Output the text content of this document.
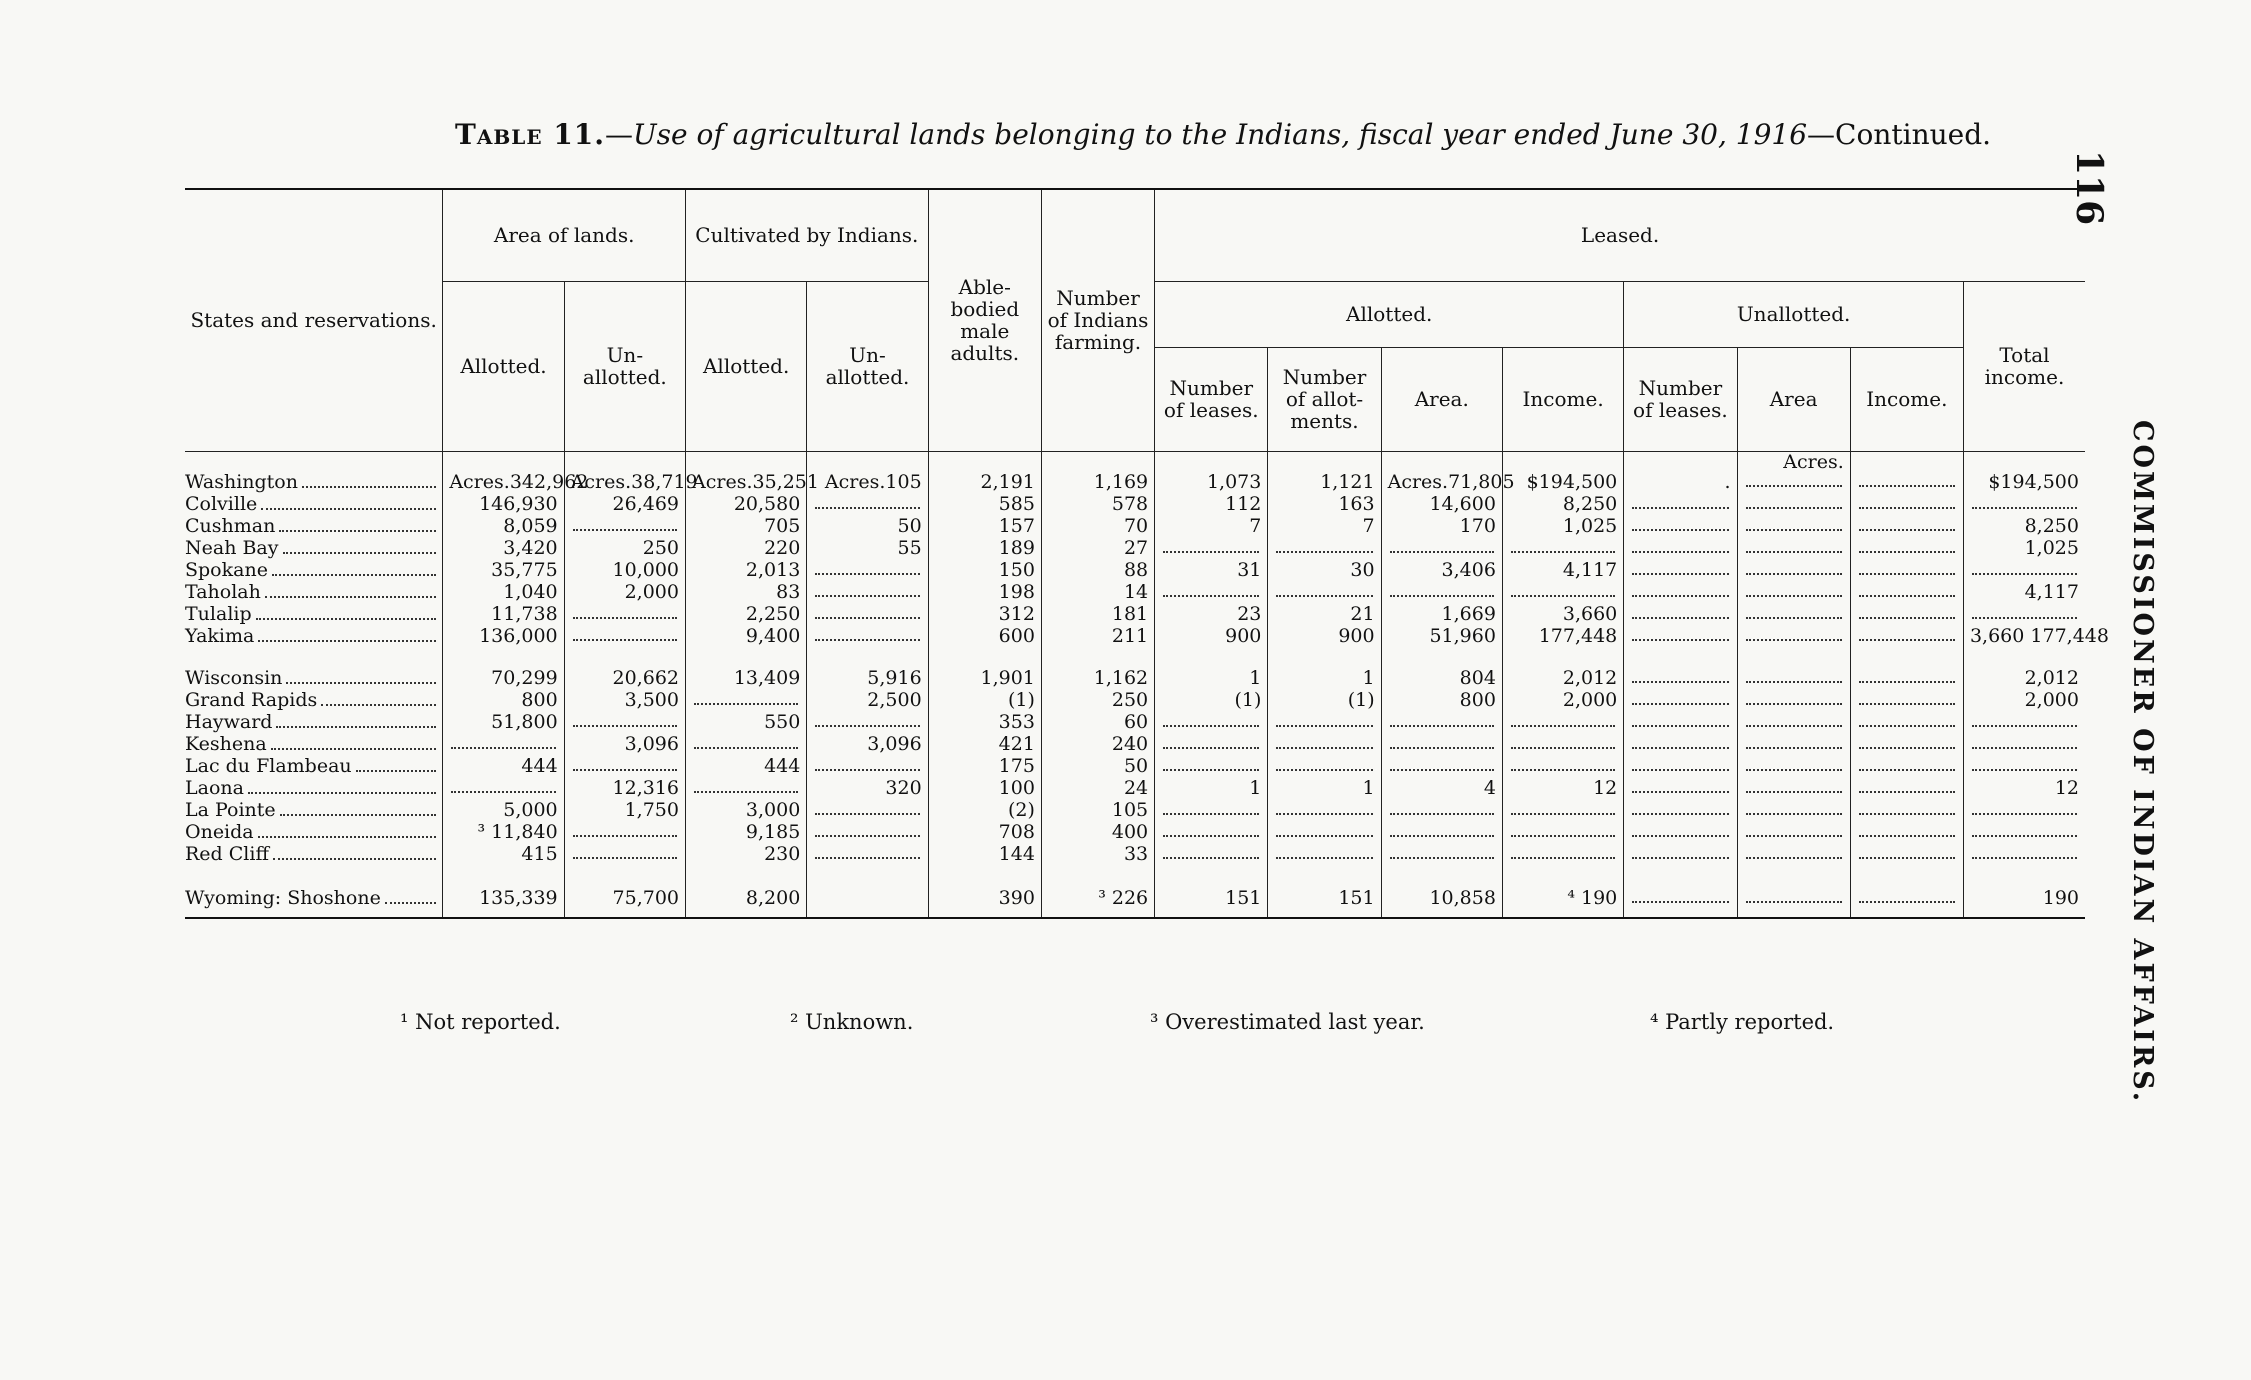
Table 11.—Use of agricultural lands belonging to the Indians, fiscal year ended June 30, 1916—Continued.
116
COMMISSIONER OF INDIAN AFFAIRS.
States and reservations.	Area of lands.		Cultivated by Indians.		Able-bodied male adults.	Number of Indians farming.	Leased.							
	Allotted.	Un-allotted.	Allotted.	Un-allotted.			Allotted.				Unallotted.			Total income.
							Number of leases.	Number of allot-ments.	Area.	Income.	Number of leases.	Area	Income.	

Washington	Acres.342,962	Acres.38,719	Acres.35,251	Acres.105	2,191	1,169	1,073	1,121	Acres.71,805	$194,500	.	Acres.		$194,500

Colville	146,930	26,469	20,580		585	578	112	163	14,600	8,250	

Cushman	8,059		705	50	157	70	7	7	170	1,025				8,250

Neah Bay	3,420	250	220	55	189	27								1,025

Spokane	35,775	10,000	2,013		150	88	31	30	3,406	4,117	

Taholah	1,040	2,000	83		198	14								4,117

Tulalip	11,738		2,250		312	181	23	21	1,669	3,660	

Yakima	136,000		9,400		600	211	900	900	51,960	177,448				3,660 177,448

Wisconsin	70,299	20,662	13,409	5,916	1,901	1,162	1	1	804	2,012				2,012

Grand Rapids	800	3,500		2,500	(1)	250	(1)	(1)	800	2,000				2,000

Hayward	51,800		550		353	60	

Keshena		3,096		3,096	421	240	

Lac du Flambeau	444		444		175	50	

Laona		12,316		320	100	24	1	1	4	12				12

La Pointe	5,000	1,750	3,000		(2)	105	

Oneida	³ 11,840		9,185		708	400	

Red Cliff	415		230		144	33	

Wyoming: Shoshone	135,339	75,700	8,200		390	³ 226	151	151	10,858	⁴ 190				190
¹ Not reported.	² Unknown.	³ Overestimated last year.	⁴ Partly reported.
